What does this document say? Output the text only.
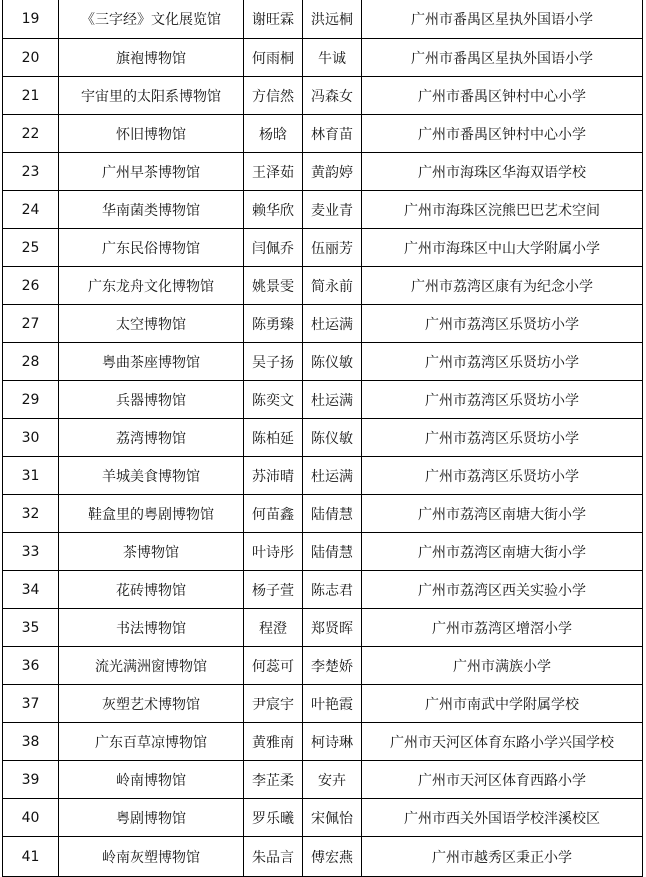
19	《三字经》文化展览馆	谢旺霖	洪远桐	广州市番禺区星执外国语小学
20	旗袍博物馆	何雨桐	牛诚	广州市番禺区星执外国语小学
21	宇宙里的太阳系博物馆	方信然	冯森女	广州市番禺区钟村中心小学
22	怀旧博物馆	杨晗	林育苗	广州市番禺区钟村中心小学
23	广州早茶博物馆	王泽茹	黄韵婷	广州市海珠区华海双语学校
24	华南菌类博物馆	赖华欣	麦业青	广州市海珠区浣熊巴巴艺术空间
25	广东民俗博物馆	闫佩乔	伍丽芳	广州市海珠区中山大学附属小学
26	广东龙舟文化博物馆	姚景雯	简永前	广州市荔湾区康有为纪念小学
27	太空博物馆	陈勇臻	杜运满	广州市荔湾区乐贤坊小学
28	粤曲茶座博物馆	吴子扬	陈仪敏	广州市荔湾区乐贤坊小学
29	兵器博物馆	陈奕文	杜运满	广州市荔湾区乐贤坊小学
30	荔湾博物馆	陈柏延	陈仪敏	广州市荔湾区乐贤坊小学
31	羊城美食博物馆	苏沛晴	杜运满	广州市荔湾区乐贤坊小学
32	鞋盒里的粤剧博物馆	何苗鑫	陆倩慧	广州市荔湾区南塘大街小学
33	茶博物馆	叶诗彤	陆倩慧	广州市荔湾区南塘大街小学
34	花砖博物馆	杨子萱	陈志君	广州市荔湾区西关实验小学
35	书法博物馆	程澄	郑贤晖	广州市荔湾区增滘小学
36	流光满洲窗博物馆	何蕊可	李楚娇	广州市满族小学
37	灰塑艺术博物馆	尹宸宇	叶艳霞	广州市南武中学附属学校
38	广东百草凉博物馆	黄雅南	柯诗琳	广州市天河区体育东路小学兴国学校
39	岭南博物馆	李芷柔	安卉	广州市天河区体育西路小学
40	粤剧博物馆	罗乐曦	宋佩怡	广州市西关外国语学校泮溪校区
41	岭南灰塑博物馆	朱品言	傅宏燕	广州市越秀区秉正小学
